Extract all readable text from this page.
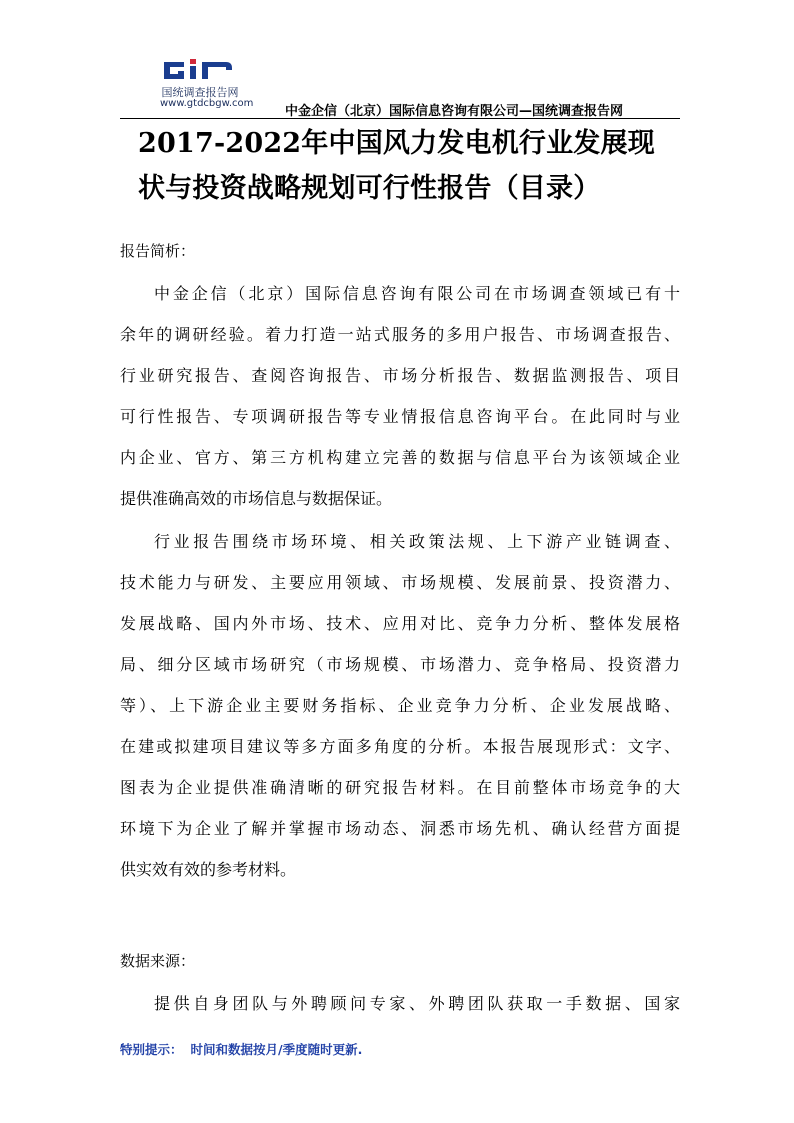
国统调查报告网
www.gtdcbgw.com
中金企信（北京）国际信息咨询有限公司—国统调查报告网
2017-2022年中国风力发电机行业发展现
状与投资战略规划可行性报告（目录）
报告简析：
中金企信（北京）国际信息咨询有限公司在市场调查领域已有十
余年的调研经验。着力打造一站式服务的多用户报告、市场调查报告、
行业研究报告、查阅咨询报告、市场分析报告、数据监测报告、项目
可行性报告、专项调研报告等专业情报信息咨询平台。在此同时与业
内企业、官方、第三方机构建立完善的数据与信息平台为该领域企业
提供准确高效的市场信息与数据保证。
行业报告围绕市场环境、相关政策法规、上下游产业链调查、
技术能力与研发、主要应用领域、市场规模、发展前景、投资潜力、
发展战略、国内外市场、技术、应用对比、竞争力分析、整体发展格
局、细分区域市场研究（市场规模、市场潜力、竞争格局、投资潜力
等）、上下游企业主要财务指标、企业竞争力分析、企业发展战略、
在建或拟建项目建议等多方面多角度的分析。本报告展现形式：文字、
图表为企业提供准确清晰的研究报告材料。在目前整体市场竞争的大
环境下为企业了解并掌握市场动态、洞悉市场先机、确认经营方面提
供实效有效的参考材料。
数据来源：
提供自身团队与外聘顾问专家、外聘团队获取一手数据、国家
特别提示： 时间和数据按月/季度随时更新.
